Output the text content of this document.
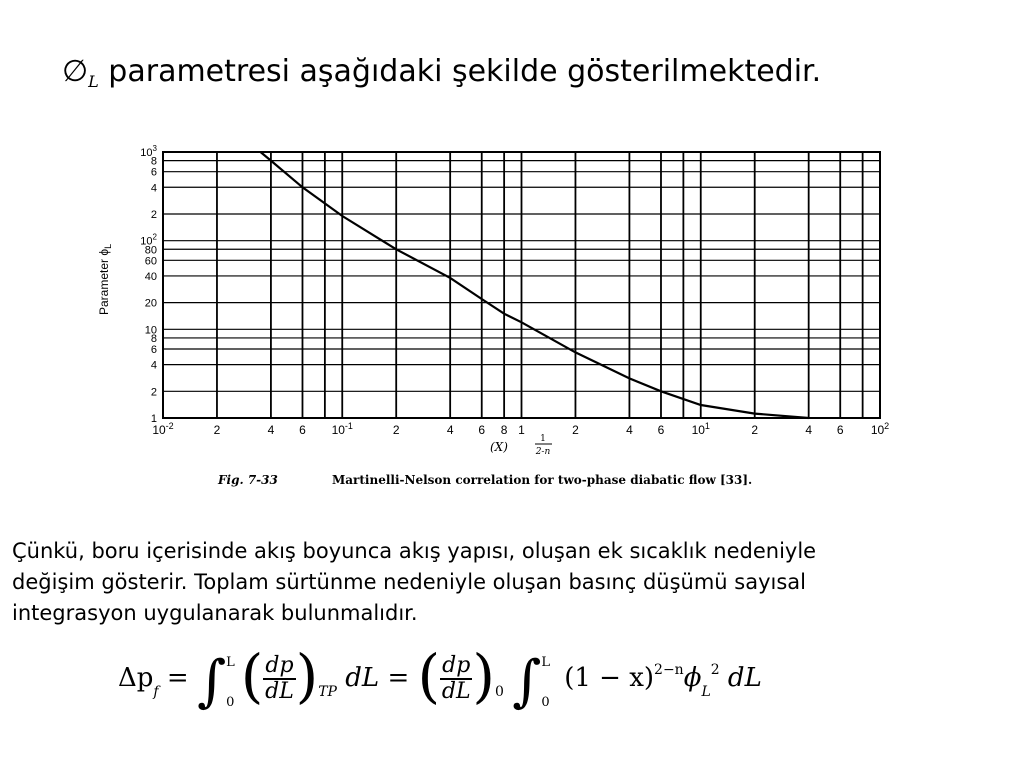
$\emptyset_L$ parametresi aşağıdaki şekilde gösterilmektedir.
$10^{-2}$	2	4 6 $10^{-1}$	2	4 6 8 1	2	4 6 $10^1$	2	4 6 $10^2$
1
2
4
6
8
10
20
40
60
80
$10^2$
2
4
6
8
$10^3$
Parameter $\phi_L$
(X)
1
2-n
Fig. 7-33	Martinelli-Nelson correlation for two-phase diabatic flow [33].

Çünkü, boru içerisinde akış boyunca akış yapısı, oluşan ek sıcaklık nedeniyle

değişim gösterir. Toplam sürtünme nedeniyle oluşan basınç düşümü sayısal

integrasyon uygulanarak bulunmalıdır.

$\Delta p_f$ = ∫ L
0 ( $\frac{dp}{dL} )_{TP}$ dL = ( $\frac{dp}{dL} )_0$ ∫ L
0
$(1 - x)^{2-n}\phi_L^2$ dL
